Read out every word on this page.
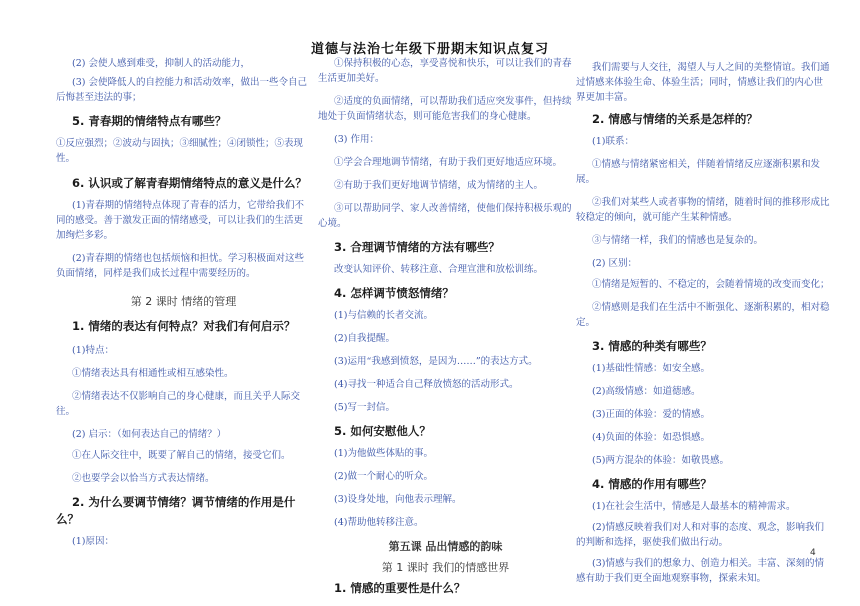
道德与法治七年级下册期末知识点复习

(2) 会使人感到难受，抑制人的活动能力，

(3) 会使降低人的自控能力和活动效率，做出一些令自己后悔甚至违法的事；

5. 青春期的情绪特点有哪些？

①反应强烈；②波动与固执；③细腻性；④闭锁性；⑤表现性。

6. 认识或了解青春期情绪特点的意义是什么？

(1)青春期的情绪特点体现了青春的活力，它带给我们不同的感受。善于激发正面的情绪感受，可以让我们的生活更加绚烂多彩。

(2)青春期的情绪也包括烦恼和担忧。学习积极面对这些负面情绪，同样是我们成长过程中需要经历的。

第 2 课时 情绪的管理

1. 情绪的表达有何特点？对我们有何启示？

(1)特点：

①情绪表达具有相通性或相互感染性。

②情绪表达不仅影响自己的身心健康，而且关乎人际交往。

(2) 启示：（如何表达自己的情绪？）

①在人际交往中，既要了解自己的情绪，接受它们。

②也要学会以恰当方式表达情绪。

2. 为什么要调节情绪？调节情绪的作用是什么？

(1)原因：

①保持积极的心态，享受喜悦和快乐，可以让我们的青春生活更加美好。

②适度的负面情绪，可以帮助我们适应突发事件，但持续地处于负面情绪状态，则可能危害我们的身心健康。

(3) 作用：

①学会合理地调节情绪，有助于我们更好地适应环境。

②有助于我们更好地调节情绪，成为情绪的主人。

③可以帮助同学、家人改善情绪，使他们保持积极乐观的心境。

3. 合理调节情绪的方法有哪些？

改变认知评价、转移注意、合理宣泄和放松训练。

4. 怎样调节愤怒情绪？

(1)与信赖的长者交流。

(2)自我提醒。

(3)运用“我感到愤怒，是因为……”的表达方式。

(4)寻找一种适合自己释放愤怒的活动形式。

(5)写一封信。

5. 如何安慰他人？

(1)为他做些体贴的事。

(2)做一个耐心的听众。

(3)设身处地，向他表示理解。

(4)帮助他转移注意。

第五课 品出情感的韵味

第 1 课时 我们的情感世界

1. 情感的重要性是什么？

我们需要与人交往，渴望人与人之间的美整情谊。我们通过情感来体验生命、体验生活；同时，情感让我们的内心世界更加丰富。

2. 情感与情绪的关系是怎样的？

(1)联系：

①情感与情绪紧密相关，伴随着情绪反应逐渐积累和发展。

②我们对某些人或者事物的情绪，随着时间的推移形成比较稳定的倾向，就可能产生某种情感。

③与情绪一样，我们的情感也是复杂的。

(2) 区别：

①情绪是短暂的、不稳定的，会随着情境的改变而变化；

②情感则是我们在生活中不断强化、逐渐积累的，相对稳定。

3. 情感的种类有哪些？

(1)基础性情感：如安全感。

(2)高级情感：如道德感。

(3)正面的体验：爱的情感。

(4)负面的体验：如恐惧感。

(5)两方混杂的体验：如敬畏感。

4. 情感的作用有哪些？

(1)在社会生活中，情感是人最基本的精神需求。

(2)情感反映着我们对人和对事的态度、观念，影响我们的判断和选择，驱使我们做出行动。

(3)情感与我们的想象力、创造力相关。丰富、深刻的情感有助于我们更全面地观察事物，探索未知。

4
